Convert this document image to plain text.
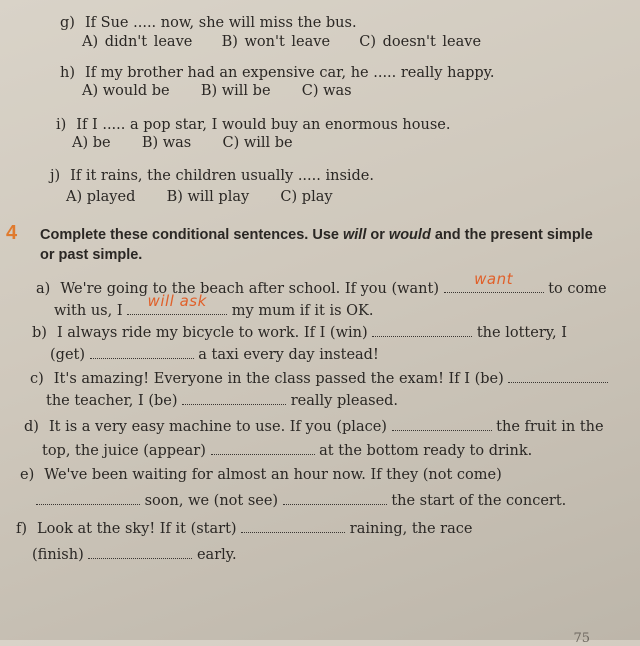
g) If Sue ..... now, she will miss the bus.
A) didn't leave B) won't leave C) doesn't leave
h) If my brother had an expensive car, he ..... really happy.
A) would be B) will be C) was
i) If I ..... a pop star, I would buy an enormous house.
A) be B) was C) will be
j) If it rains, the children usually ..... inside.
A) played B) will play C) play
4 Complete these conditional sentences. Use will or would and the present simple
or past simple.
a) We're going to the beach after school. If you (want)
want
to come
with us, I
will ask
my mum if it is OK.
b) I always ride my bicycle to work. If I (win)	the lottery, I
(get)	a taxi every day instead!
c) It's amazing! Everyone in the class passed the exam! If I (be)
the teacher, I (be)	really pleased.
d) It is a very easy machine to use. If you (place)	the fruit in the
top, the juice (appear)	at the bottom ready to drink.
e) We've been waiting for almost an hour now. If they (not come)
soon, we (not see)	the start of the concert.
f) Look at the sky! If it (start)	raining, the race
(finish)	early.
75
